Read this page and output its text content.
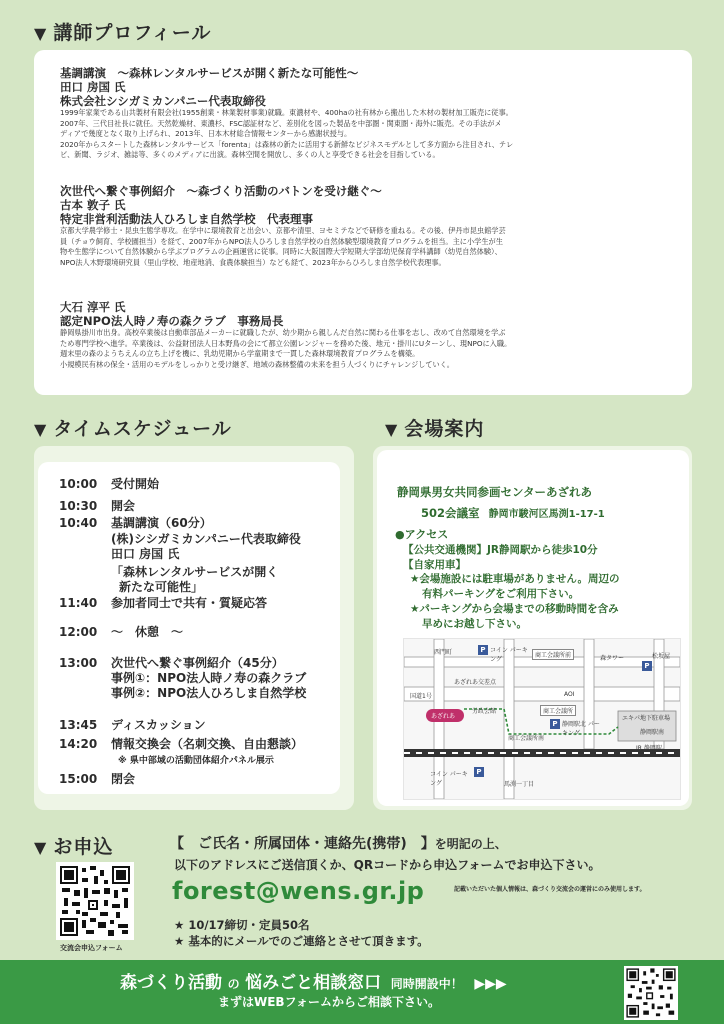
▼ 講師プロフィール
基調講演　～森林レンタルサービスが開く新たな可能性～
田口 房国 氏
株式会社シシガミカンパニー代表取締役
1999年家業である山共製材有限会社(1955創業・林業製材事業)就職。東濃材や、400haの社有林から搬出した木材の製材加工販売に従事。
2007年、三代目社長に就任。天然乾燥材、東濃杉、FSC認証材など、差別化を図った製品を中部圏・関東圏・海外に販売。その手法がメ
ディアで幾度となく取り上げられ、2013年、日本木材総合情報センターから感謝状授与。
2020年からスタートした森林レンタルサービス「forenta」は森林の新たに活用する新鮮なビジネスモデルとして多方面から注目され、テレ
ビ、新聞、ラジオ、雑誌等、多くのメディアに出演。森林空間を開放し、多くの人と享受できる社会を目指している。
次世代へ繋ぐ事例紹介　～森づくり活動のバトンを受け継ぐ～
古本 敦子 氏
特定非営利活動法人ひろしま自然学校　代表理事
京都大学農学修士・昆虫生態学専攻。在学中に環境教育と出会い、京都や清里、ヨセミテなどで研修を重ねる。その後、伊丹市昆虫館学芸
員（チョウ飼育、学校園担当）を経て、2007年からNPO法人ひろしま自然学校の自然体験型環境教育プログラムを担当。主に小学生が生
物や生態学について自然体験から学ぶプログラムの企画運営に従事。同時に大阪国際大学短期大学部幼児保育学科講師（幼児自然体験）、
NPO法人木野環境研究員（里山学校、地産地消、食農体験担当）なども経て、2023年からひろしま自然学校代表理事。
大石 淳平 氏
認定NPO法人時ノ寿の森クラブ　事務局長
静岡県掛川市出身。高校卒業後は自動車部品メーカーに就職したが、幼少期から親しんだ自然に関わる仕事を志し、改めて自然環境を学ぶ
ため専門学校へ進学。卒業後は、公益財団法人日本野鳥の会にて都立公園レンジャーを務めた後、地元・掛川にUターンし、現NPOに入職。
週末里の森のようちえんの立ち上げを機に、乳幼児期から学童期まで一貫した森林環境教育プログラムを構築。
小規模民有林の保全・活用のモデルをしっかりと受け継ぎ、地域の森林整備の未来を担う人づくりにチャレンジしていく。
▼ タイムスケジュール
10:00 受付開始
10:30 開会
10:40 基調講演（60分）
(株)シシガミカンパニー代表取締役
田口 房国 氏
「森林レンタルサービスが開く
新たな可能性」
11:40 参加者同士で共有・質疑応答
12:00 ～　休憩　～
13:00 次世代へ繋ぐ事例紹介（45分）
事例①：NPO法人時ノ寿の森クラブ
事例②：NPO法人ひろしま自然学校
13:45 ディスカッション
14:20 情報交換会（名刺交換、自由懇談）
※ 県中部域の活動団体紹介パネル展示
15:00 閉会
▼ 会場案内
静岡県男女共同参画センターあざれあ
502会議室 静岡市駿河区馬渕1-17-1
●アクセス
【公共交通機関】JR静岡駅から徒歩10分
【自家用車】
★会場施設には駐車場がありません。周辺の
有料パーキングをご利用下さい。
★パーキングから会場までの移動時間を含み
早めにお越し下さい。
あざれあ
西門町	コイン パーキング
商工会議所前	森タワー	松坂屋
あざれあ交差点
国道1号
労政会館
AOI
商工会議所
静岡駅北 パーキング
商工会議所南
エキパ地下駐車場
静岡駅南
JR 静岡駅
コイン パーキング	馬渕一丁目
P
P
P
P
▼ お申込
交流会申込フォーム
【　ご氏名・所属団体・連絡先(携帯)　】を明記の上、
以下のアドレスにご送信頂くか、QRコードから申込フォームでお申込下さい。
forest@wens.gr.jp	記載いただいた個人情報は、森づくり交流会の運営にのみ使用します。
★ 10/17締切・定員50名
★ 基本的にメールでのご連絡とさせて頂きます。
森づくり活動 の 悩みごと相談窓口 同時開設中！ ▶▶▶
まずはWEBフォームからご相談下さい。
